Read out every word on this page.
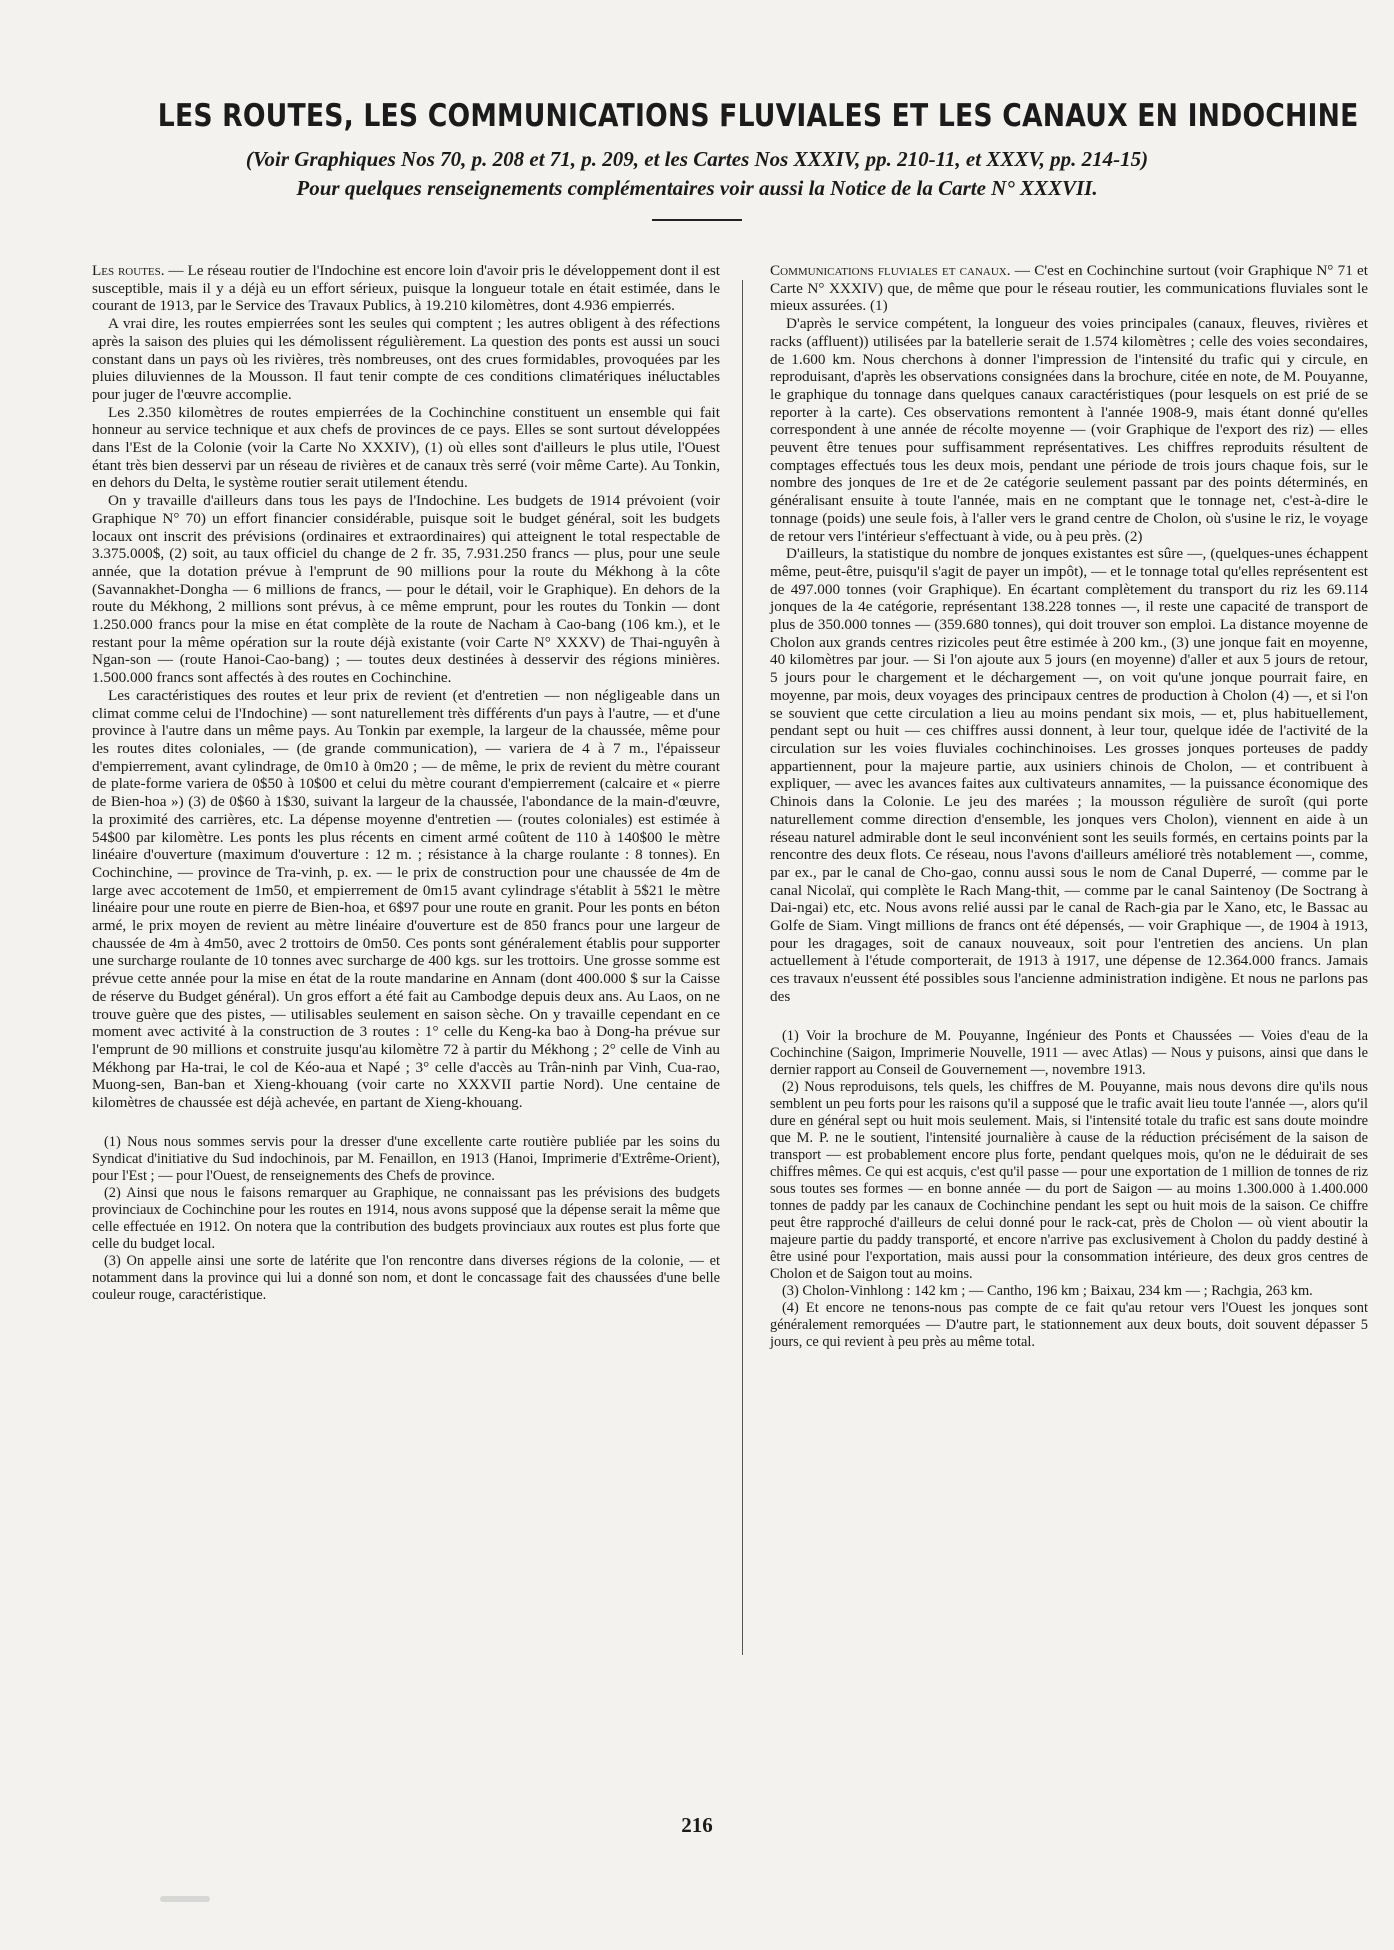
LES ROUTES, LES COMMUNICATIONS FLUVIALES ET LES CANAUX EN INDOCHINE
(Voir Graphiques Nos 70, p. 208 et 71, p. 209, et les Cartes Nos XXXIV, pp. 210-11, et XXXV, pp. 214-15)
Pour quelques renseignements complémentaires voir aussi la Notice de la Carte N° XXXVII.

Les routes. — Le réseau routier de l'Indochine est encore loin d'avoir pris le développement dont il est susceptible, mais il y a déjà eu un effort sérieux, puisque la longueur totale en était estimée, dans le courant de 1913, par le Service des Travaux Publics, à 19.210 kilomètres, dont 4.936 empierrés.

A vrai dire, les routes empierrées sont les seules qui comptent ; les autres obligent à des réfections après la saison des pluies qui les démolissent régulièrement. La question des ponts est aussi un souci constant dans un pays où les rivières, très nombreuses, ont des crues formidables, provoquées par les pluies diluviennes de la Mousson. Il faut tenir compte de ces conditions climatériques inéluctables pour juger de l'œuvre accomplie.

Les 2.350 kilomètres de routes empierrées de la Cochinchine constituent un ensemble qui fait honneur au service technique et aux chefs de provinces de ce pays. Elles se sont surtout développées dans l'Est de la Colonie (voir la Carte No XXXIV), (1) où elles sont d'ailleurs le plus utile, l'Ouest étant très bien desservi par un réseau de rivières et de canaux très serré (voir même Carte). Au Tonkin, en dehors du Delta, le système routier serait utilement étendu.

On y travaille d'ailleurs dans tous les pays de l'Indochine. Les budgets de 1914 prévoient (voir Graphique N° 70) un effort financier considérable, puisque soit le budget général, soit les budgets locaux ont inscrit des prévisions (ordinaires et extraordinaires) qui atteignent le total respectable de 3.375.000$, (2) soit, au taux officiel du change de 2 fr. 35, 7.931.250 francs — plus, pour une seule année, que la dotation prévue à l'emprunt de 90 millions pour la route du Mékhong à la côte (Savannakhet-Dongha — 6 millions de francs, — pour le détail, voir le Graphique). En dehors de la route du Mékhong, 2 millions sont prévus, à ce même emprunt, pour les routes du Tonkin — dont 1.250.000 francs pour la mise en état complète de la route de Nacham à Cao-bang (106 km.), et le restant pour la même opération sur la route déjà existante (voir Carte N° XXXV) de Thai-nguyên à Ngan-son — (route Hanoi-Cao-bang) ; — toutes deux destinées à desservir des régions minières. 1.500.000 francs sont affectés à des routes en Cochinchine.

Les caractéristiques des routes et leur prix de revient (et d'entretien — non négligeable dans un climat comme celui de l'Indochine) — sont naturellement très différents d'un pays à l'autre, — et d'une province à l'autre dans un même pays. Au Tonkin par exemple, la largeur de la chaussée, même pour les routes dites coloniales, — (de grande communication), — variera de 4 à 7 m., l'épaisseur d'empierrement, avant cylindrage, de 0m10 à 0m20 ; — de même, le prix de revient du mètre courant de plate-forme variera de 0$50 à 10$00 et celui du mètre courant d'empierrement (calcaire et « pierre de Bien-hoa ») (3) de 0$60 à 1$30, suivant la largeur de la chaussée, l'abondance de la main-d'œuvre, la proximité des carrières, etc. La dépense moyenne d'entretien — (routes coloniales) est estimée à 54$00 par kilomètre. Les ponts les plus récents en ciment armé coûtent de 110 à 140$00 le mètre linéaire d'ouverture (maximum d'ouverture : 12 m. ; résistance à la charge roulante : 8 tonnes). En Cochinchine, — province de Tra-vinh, p. ex. — le prix de construction pour une chaussée de 4m de large avec accotement de 1m50, et empierrement de 0m15 avant cylindrage s'établit à 5$21 le mètre linéaire pour une route en pierre de Bien-hoa, et 6$97 pour une route en granit. Pour les ponts en béton armé, le prix moyen de revient au mètre linéaire d'ouverture est de 850 francs pour une largeur de chaussée de 4m à 4m50, avec 2 trottoirs de 0m50. Ces ponts sont généralement établis pour supporter une surcharge roulante de 10 tonnes avec surcharge de 400 kgs. sur les trottoirs. Une grosse somme est prévue cette année pour la mise en état de la route mandarine en Annam (dont 400.000 $ sur la Caisse de réserve du Budget général). Un gros effort a été fait au Cambodge depuis deux ans. Au Laos, on ne trouve guère que des pistes, — utilisables seulement en saison sèche. On y travaille cependant en ce moment avec activité à la construction de 3 routes : 1° celle du Keng-ka bao à Dong-ha prévue sur l'emprunt de 90 millions et construite jusqu'au kilomètre 72 à partir du Mékhong ; 2° celle de Vinh au Mékhong par Ha-trai, le col de Kéo-aua et Napé ; 3° celle d'accès au Trân-ninh par Vinh, Cua-rao, Muong-sen, Ban-ban et Xieng-khouang (voir carte no XXXVII partie Nord). Une centaine de kilomètres de chaussée est déjà achevée, en partant de Xieng-khouang.

(1) Nous nous sommes servis pour la dresser d'une excellente carte routière publiée par les soins du Syndicat d'initiative du Sud indochinois, par M. Fenaillon, en 1913 (Hanoi, Imprimerie d'Extrême-Orient), pour l'Est ; — pour l'Ouest, de renseignements des Chefs de province.

(2) Ainsi que nous le faisons remarquer au Graphique, ne connaissant pas les prévisions des budgets provinciaux de Cochinchine pour les routes en 1914, nous avons supposé que la dépense serait la même que celle effectuée en 1912. On notera que la contribution des budgets provinciaux aux routes est plus forte que celle du budget local.

(3) On appelle ainsi une sorte de latérite que l'on rencontre dans diverses régions de la colonie, — et notamment dans la province qui lui a donné son nom, et dont le concassage fait des chaussées d'une belle couleur rouge, caractéristique.

Communications fluviales et canaux. — C'est en Cochinchine surtout (voir Graphique N° 71 et Carte N° XXXIV) que, de même que pour le réseau routier, les communications fluviales sont le mieux assurées. (1)

D'après le service compétent, la longueur des voies principales (canaux, fleuves, rivières et racks (affluent)) utilisées par la batellerie serait de 1.574 kilomètres ; celle des voies secondaires, de 1.600 km. Nous cherchons à donner l'impression de l'intensité du trafic qui y circule, en reproduisant, d'après les observations consignées dans la brochure, citée en note, de M. Pouyanne, le graphique du tonnage dans quelques canaux caractéristiques (pour lesquels on est prié de se reporter à la carte). Ces observations remontent à l'année 1908-9, mais étant donné qu'elles correspondent à une année de récolte moyenne — (voir Graphique de l'export des riz) — elles peuvent être tenues pour suffisamment représentatives. Les chiffres reproduits résultent de comptages effectués tous les deux mois, pendant une période de trois jours chaque fois, sur le nombre des jonques de 1re et de 2e catégorie seulement passant par des points déterminés, en généralisant ensuite à toute l'année, mais en ne comptant que le tonnage net, c'est-à-dire le tonnage (poids) une seule fois, à l'aller vers le grand centre de Cholon, où s'usine le riz, le voyage de retour vers l'intérieur s'effectuant à vide, ou à peu près. (2)

D'ailleurs, la statistique du nombre de jonques existantes est sûre —, (quelques-unes échappent même, peut-être, puisqu'il s'agit de payer un impôt), — et le tonnage total qu'elles représentent est de 497.000 tonnes (voir Graphique). En écartant complètement du transport du riz les 69.114 jonques de la 4e catégorie, représentant 138.228 tonnes —, il reste une capacité de transport de plus de 350.000 tonnes — (359.680 tonnes), qui doit trouver son emploi. La distance moyenne de Cholon aux grands centres rizicoles peut être estimée à 200 km., (3) une jonque fait en moyenne, 40 kilomètres par jour. — Si l'on ajoute aux 5 jours (en moyenne) d'aller et aux 5 jours de retour, 5 jours pour le chargement et le déchargement —, on voit qu'une jonque pourrait faire, en moyenne, par mois, deux voyages des principaux centres de production à Cholon (4) —, et si l'on se souvient que cette circulation a lieu au moins pendant six mois, — et, plus habituellement, pendant sept ou huit — ces chiffres aussi donnent, à leur tour, quelque idée de l'activité de la circulation sur les voies fluviales cochinchinoises. Les grosses jonques porteuses de paddy appartiennent, pour la majeure partie, aux usiniers chinois de Cholon, — et contribuent à expliquer, — avec les avances faites aux cultivateurs annamites, — la puissance économique des Chinois dans la Colonie. Le jeu des marées ; la mousson régulière de suroît (qui porte naturellement comme direction d'ensemble, les jonques vers Cholon), viennent en aide à un réseau naturel admirable dont le seul inconvénient sont les seuils formés, en certains points par la rencontre des deux flots. Ce réseau, nous l'avons d'ailleurs amélioré très notablement —, comme, par ex., par le canal de Cho-gao, connu aussi sous le nom de Canal Duperré, — comme par le canal Nicolaï, qui complète le Rach Mang-thit, — comme par le canal Saintenoy (De Soctrang à Dai-ngai) etc, etc. Nous avons relié aussi par le canal de Rach-gia par le Xano, etc, le Bassac au Golfe de Siam. Vingt millions de francs ont été dépensés, — voir Graphique —, de 1904 à 1913, pour les dragages, soit de canaux nouveaux, soit pour l'entretien des anciens. Un plan actuellement à l'étude comporterait, de 1913 à 1917, une dépense de 12.364.000 francs. Jamais ces travaux n'eussent été possibles sous l'ancienne administration indigène. Et nous ne parlons pas des

(1) Voir la brochure de M. Pouyanne, Ingénieur des Ponts et Chaussées — Voies d'eau de la Cochinchine (Saigon, Imprimerie Nouvelle, 1911 — avec Atlas) — Nous y puisons, ainsi que dans le dernier rapport au Conseil de Gouvernement —, novembre 1913.

(2) Nous reproduisons, tels quels, les chiffres de M. Pouyanne, mais nous devons dire qu'ils nous semblent un peu forts pour les raisons qu'il a supposé que le trafic avait lieu toute l'année —, alors qu'il dure en général sept ou huit mois seulement. Mais, si l'intensité totale du trafic est sans doute moindre que M. P. ne le soutient, l'intensité journalière à cause de la réduction précisément de la saison de transport — est probablement encore plus forte, pendant quelques mois, qu'on ne le déduirait de ses chiffres mêmes. Ce qui est acquis, c'est qu'il passe — pour une exportation de 1 million de tonnes de riz sous toutes ses formes — en bonne année — du port de Saigon — au moins 1.300.000 à 1.400.000 tonnes de paddy par les canaux de Cochinchine pendant les sept ou huit mois de la saison. Ce chiffre peut être rapproché d'ailleurs de celui donné pour le rack-cat, près de Cholon — où vient aboutir la majeure partie du paddy transporté, et encore n'arrive pas exclusivement à Cholon du paddy destiné à être usiné pour l'exportation, mais aussi pour la consommation intérieure, des deux gros centres de Cholon et de Saigon tout au moins.

(3) Cholon-Vinhlong : 142 km ; — Cantho, 196 km ; Baixau, 234 km — ; Rachgia, 263 km.

(4) Et encore ne tenons-nous pas compte de ce fait qu'au retour vers l'Ouest les jonques sont généralement remorquées — D'autre part, le stationnement aux deux bouts, doit souvent dépasser 5 jours, ce qui revient à peu près au même total.

216
